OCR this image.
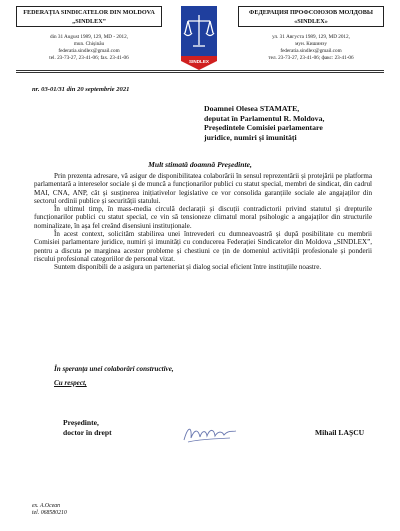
FEDERAȚIA SINDICATELOR DIN MOLDOVA „SINDLEX”
din 31 August 1989, 129, MD - 2012,
mun. Chișinău
federatia.sindlex@gmail.com
tel. 23-73-27, 23-41-06; fax. 23-41-06
SINDLEX
ФЕДЕРАЦИЯ ПРОФСОЮЗОВ МОЛДОВЫ «SINDLEX»
ул. 31 Августа 1989, 129, MD 2012,
мун. Кишинэу
federatia.sindlex@gmail.com
тел. 23-73-27, 23-41-06; факс: 23-41-06
nr. 03-01/31 din 20 septembrie 2021
Doamnei Olesea STAMATE,
deputat în Parlamentul R. Moldova,
Președintele Comisiei parlamentare
juridice, numiri și imunități
Mult stimată doamnă Președinte,

Prin prezenta adresare, vă asigur de disponibilitatea colaborării în sensul reprezentării și protejării pe platforma parlamentară a intereselor sociale și de muncă a funcționarilor publici cu statut special, membri de sindicat, din cadrul MAI, CNA, ANP, cât și susținerea inițiativelor legislative ce vor consolida garanțiile sociale ale angajaților din sectorul ordinii publice și securității statului.

În ultimul timp, în mass-media circulă declarații și discuții contradictorii privind statutul și drepturile funcționarilor publici cu statut special, ce vin să tensioneze climatul moral psihologic a angajaților din structurile nominalizate, în așa fel creând disensiuni instituționale.

În acest context, solicităm stabilirea unei întrevederi cu dumneavoastră și după posibilitate cu membrii Comisiei parlamentare juridice, numiri și imunități cu conducerea Federației Sindicatelor din Moldova „SINDLEX”, pentru a discuta pe marginea acestor probleme și chestiuni ce țin de domeniul activității profesionale și ponderii riscului profesional categoriilor de personal vizat.

Suntem disponibili de a asigura un parteneriat și dialog social eficient între instituțiile noastre.

În speranța unei colaborări constructive,
Cu respect,
Președinte,
doctor în drept	Mihail LAȘCU
ex. A.Ocean
tel. 068580210
